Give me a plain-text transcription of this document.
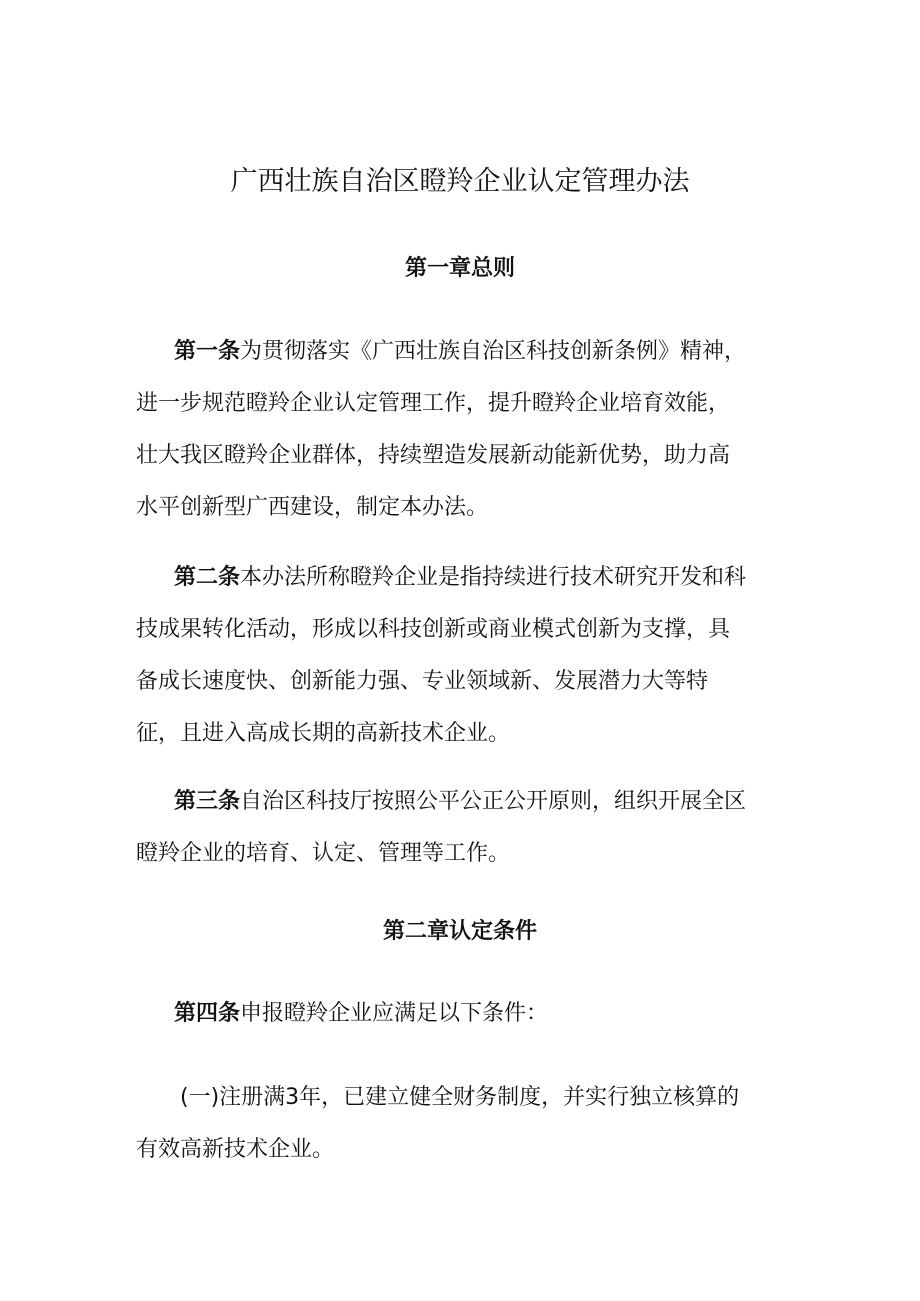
广西壮族自治区瞪羚企业认定管理办法
第一章总则

第一条为贯彻落实《广西壮族自治区科技创新条例》精神，
进一步规范瞪羚企业认定管理工作，提升瞪羚企业培育效能，
壮大我区瞪羚企业群体，持续塑造发展新动能新优势，助力高
水平创新型广西建设，制定本办法。

第二条本办法所称瞪羚企业是指持续进行技术研究开发和科
技成果转化活动，形成以科技创新或商业模式创新为支撑，具
备成长速度快、创新能力强、专业领域新、发展潜力大等特
征，且进入高成长期的高新技术企业。

第三条自治区科技厅按照公平公正公开原则，组织开展全区
瞪羚企业的培育、认定、管理等工作。

第二章认定条件

第四条申报瞪羚企业应满足以下条件：

(一)注册满3年，已建立健全财务制度，并实行独立核算的
有效高新技术企业。
